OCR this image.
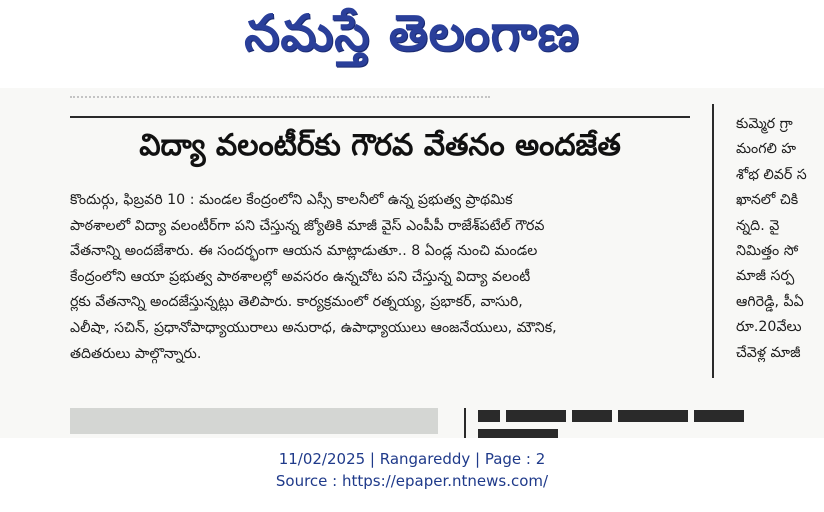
నమస్తే తెలంగాణ
విద్యా వలంటీర్‌కు గౌరవ వేతనం అందజేత

కొందుర్గు, ఫిబ్రవరి 10 : మండల కేంద్రంలోని ఎస్సీ కాలనీలో ఉన్న ప్రభుత్వ ప్రాథమిక

పాఠశాలలో విద్యా వలంటీర్‌గా పని చేస్తున్న జ్యోతికి మాజీ వైస్ ఎంపీపీ రాజేశ్‌పటేల్ గౌరవ

వేతనాన్ని అందజేశారు. ఈ సందర్భంగా ఆయన మాట్లాడుతూ.. 8 ఏండ్ల నుంచి మండల

కేంద్రంలోని ఆయా ప్రభుత్వ పాఠశాలల్లో అవసరం ఉన్నచోట పని చేస్తున్న విద్యా వలంటీ

ర్లకు వేతనాన్ని అందజేస్తున్నట్లు తెలిపారు. కార్యక్రమంలో రత్నయ్య, ప్రభాకర్, వాసురి,

ఎలీషా, సచిన్, ప్రధానోపాధ్యాయురాలు అనురాధ, ఉపాధ్యాయులు ఆంజనేయులు, మౌనిక,

తదితరులు పాల్గొన్నారు.

కుమ్మెర గ్రా
మంగలి హ
శోభ లివర్ స
ఖానలో చికి
న్నది. వై
నిమిత్తం సో
మాజీ సర్ప
ఆగిరెడ్డి, పీఏ
రూ.20వేలు
చేవెళ్ల మాజీ
11/02/2025 | Rangareddy | Page : 2
Source : https://epaper.ntnews.com/
